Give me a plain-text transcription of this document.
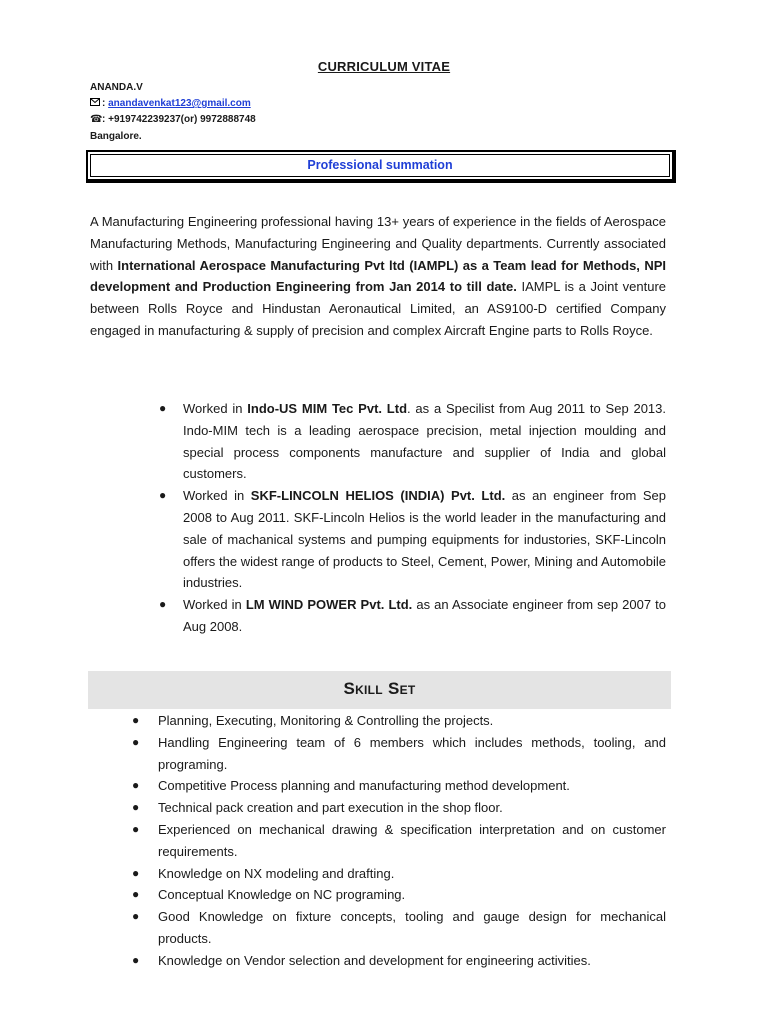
CURRICULUM VITAE
ANANDA.V
: anandavenkat123@gmail.com
☎: +919742239237(or) 9972888748
Bangalore.
Professional summation
A Manufacturing Engineering professional having 13+ years of experience in the fields of Aerospace Manufacturing Methods, Manufacturing Engineering and Quality departments. Currently associated with International Aerospace Manufacturing Pvt ltd (IAMPL) as a Team lead for Methods, NPI development and Production Engineering from Jan 2014 to till date. IAMPL is a Joint venture between Rolls Royce and Hindustan Aeronautical Limited, an AS9100-D certified Company engaged in manufacturing & supply of precision and complex Aircraft Engine parts to Rolls Royce.
● Worked in Indo-US MIM Tec Pvt. Ltd. as a Specilist from Aug 2011 to Sep 2013. Indo-MIM tech is a leading aerospace precision, metal injection moulding and special process components manufacture and supplier of India and global customers.
● Worked in SKF-LINCOLN HELIOS (INDIA) Pvt. Ltd. as an engineer from Sep 2008 to Aug 2011. SKF-Lincoln Helios is the world leader in the manufacturing and sale of machanical systems and pumping equipments for industories, SKF-Lincoln offers the widest range of products to Steel, Cement, Power, Mining and Automobile industries.
● Worked in LM WIND POWER Pvt. Ltd. as an Associate engineer from sep 2007 to Aug 2008.
Skill Set
● Planning, Executing, Monitoring & Controlling the projects.
● Handling Engineering team of 6 members which includes methods, tooling, and programing.
● Competitive Process planning and manufacturing method development.
● Technical pack creation and part execution in the shop floor.
● Experienced on mechanical drawing & specification interpretation and on customer requirements.
● Knowledge on NX modeling and drafting.
● Conceptual Knowledge on NC programing.
● Good Knowledge on fixture concepts, tooling and gauge design for mechanical products.
● Knowledge on Vendor selection and development for engineering activities.
